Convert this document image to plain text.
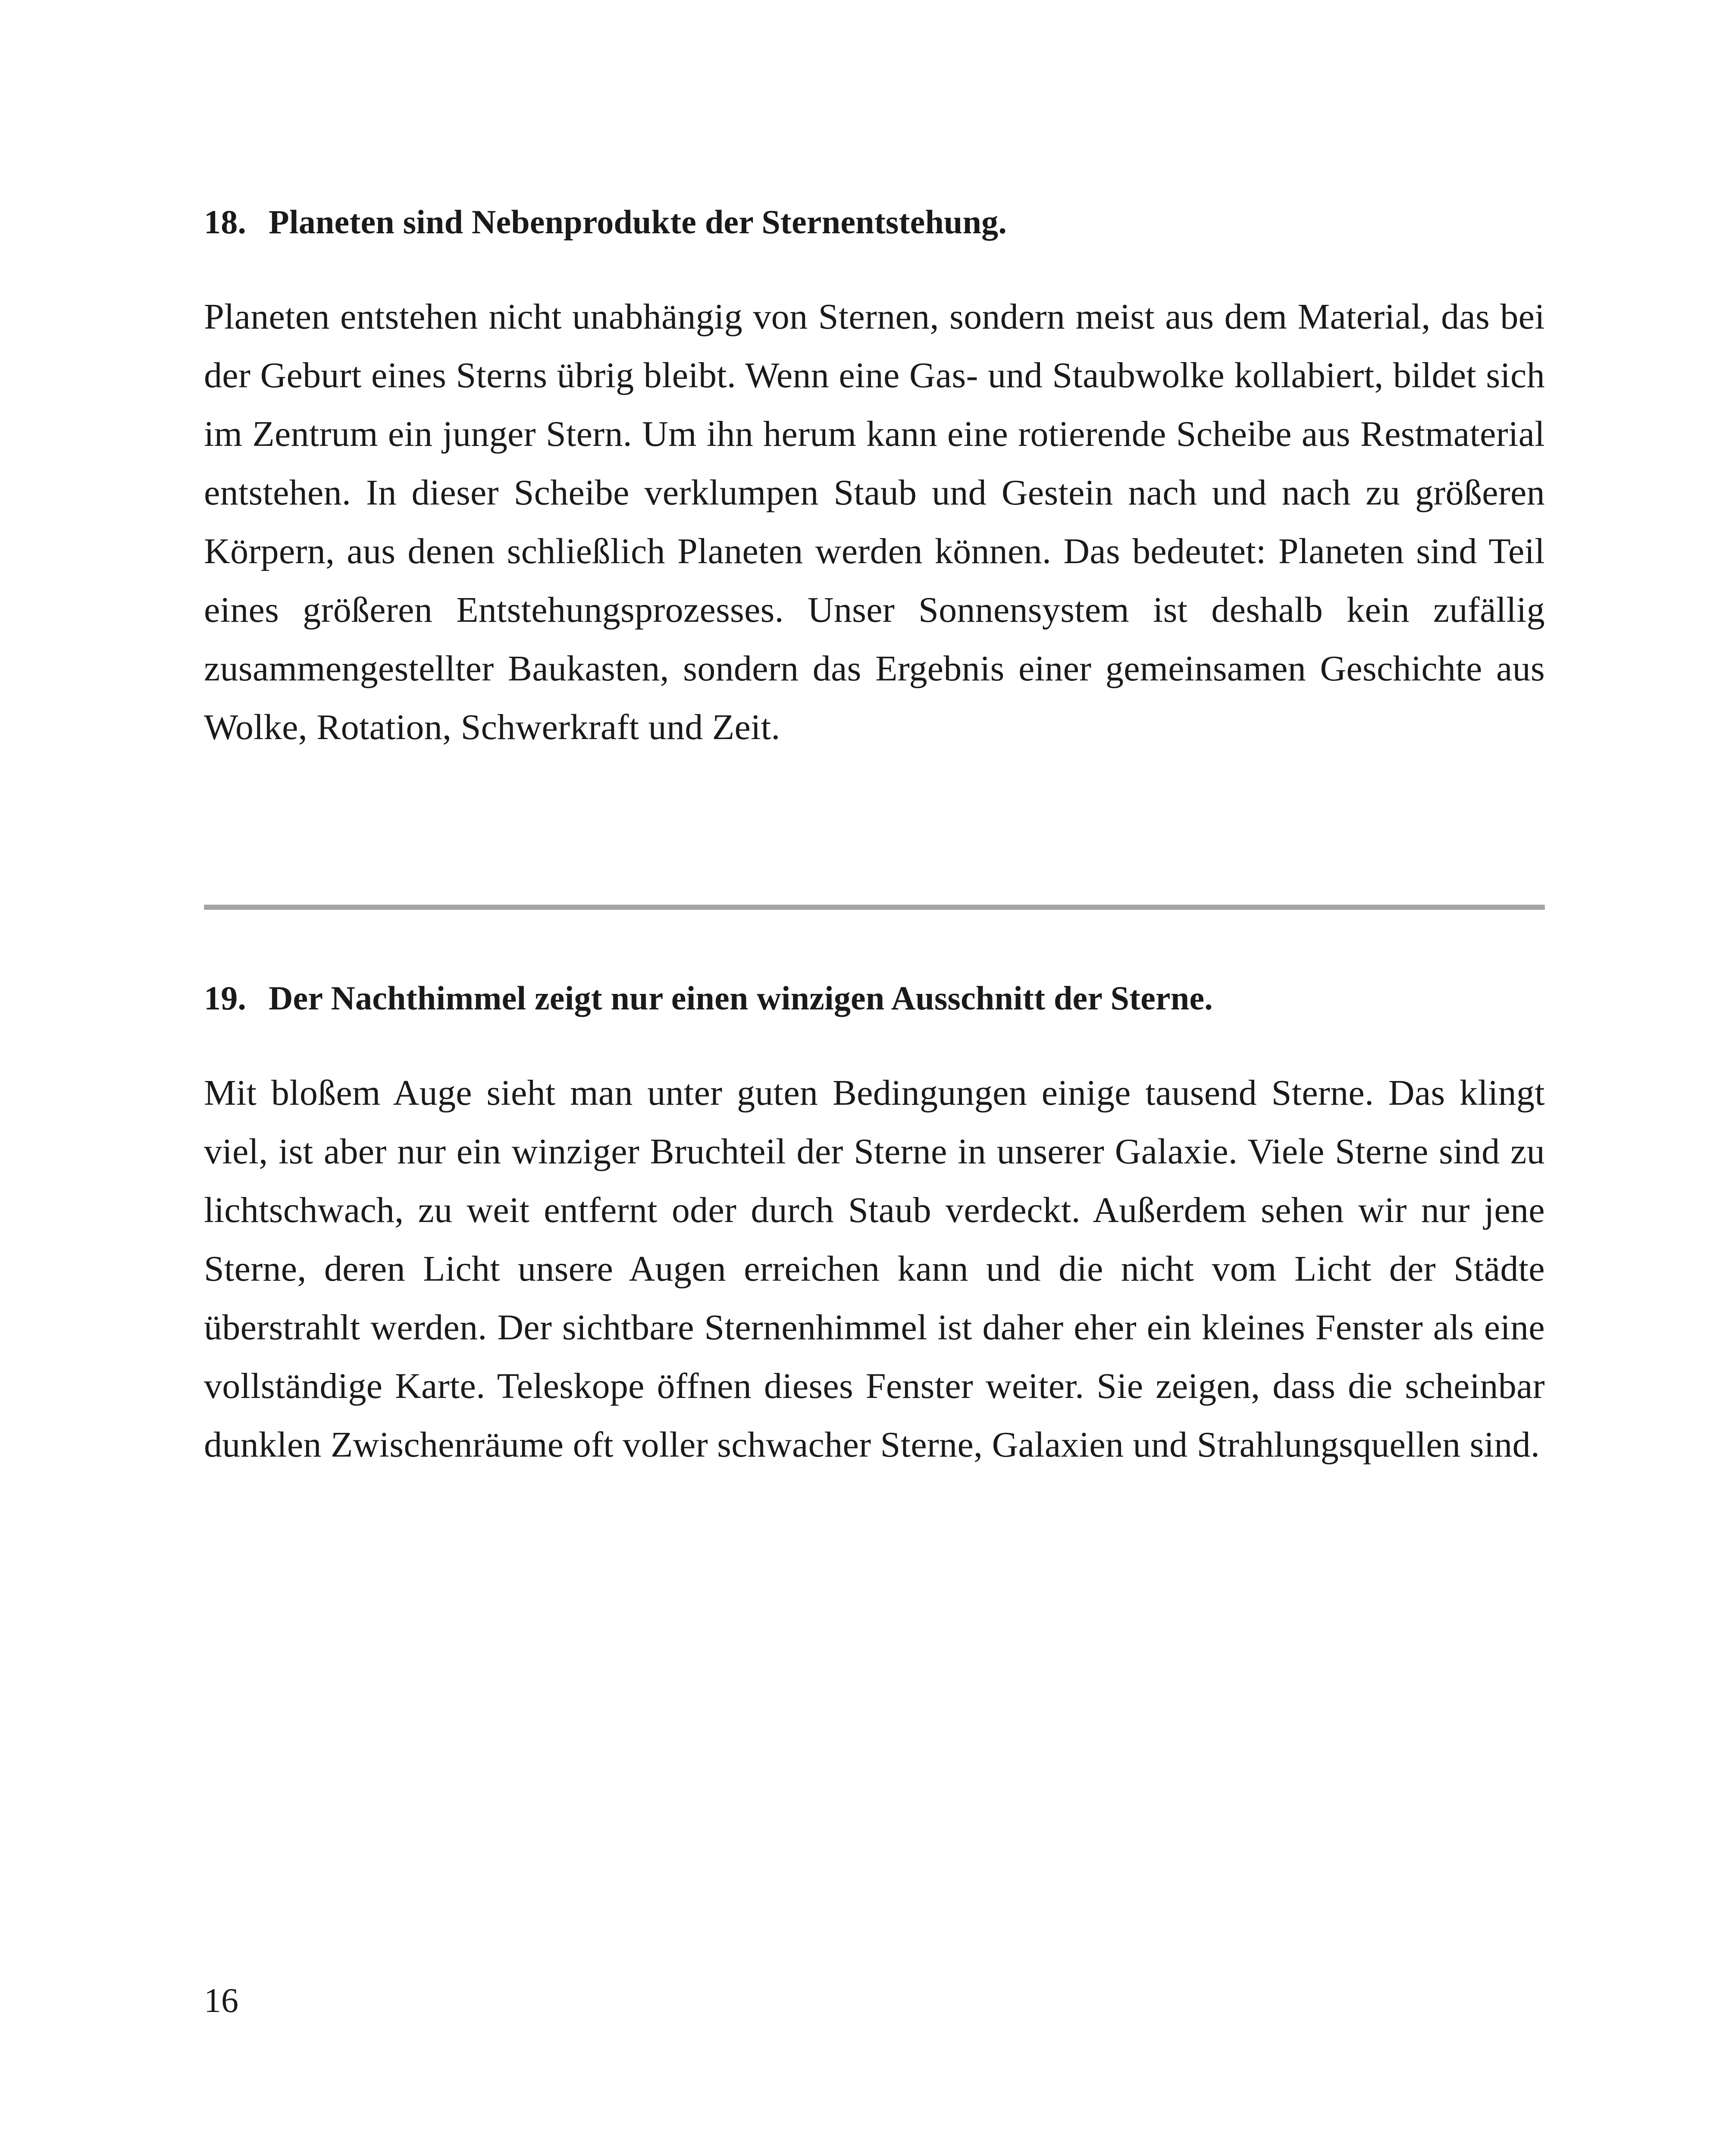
18. Planeten sind Nebenprodukte der Sternentstehung.

Planeten entstehen nicht unabhängig von Sternen, sondern meist aus dem Material, das bei der Geburt eines Sterns übrig bleibt. Wenn eine Gas- und Staubwolke kollabiert, bildet sich im Zentrum ein junger Stern. Um ihn herum kann eine rotierende Scheibe aus Restmaterial entstehen. In dieser Scheibe verklumpen Staub und Gestein nach und nach zu größeren Körpern, aus denen schließlich Planeten werden können. Das bedeutet: Planeten sind Teil eines größeren Entstehungsprozesses. Unser Sonnensystem ist deshalb kein zufällig zusammengestellter Baukasten, sondern das Ergebnis einer gemeinsamen Geschichte aus Wolke, Rotation, Schwerkraft und Zeit.

19. Der Nachthimmel zeigt nur einen winzigen Ausschnitt der Sterne.

Mit bloßem Auge sieht man unter guten Bedingungen einige tausend Sterne. Das klingt viel, ist aber nur ein winziger Bruchteil der Sterne in unserer Galaxie. Viele Sterne sind zu lichtschwach, zu weit entfernt oder durch Staub verdeckt. Außerdem sehen wir nur jene Sterne, deren Licht unsere Augen erreichen kann und die nicht vom Licht der Städte überstrahlt werden. Der sichtbare Sternenhimmel ist daher eher ein kleines Fenster als eine vollständige Karte. Teleskope öffnen dieses Fenster weiter. Sie zeigen, dass die scheinbar dunklen Zwischenräume oft voller schwacher Sterne, Galaxien und Strahlungsquellen sind.

16
